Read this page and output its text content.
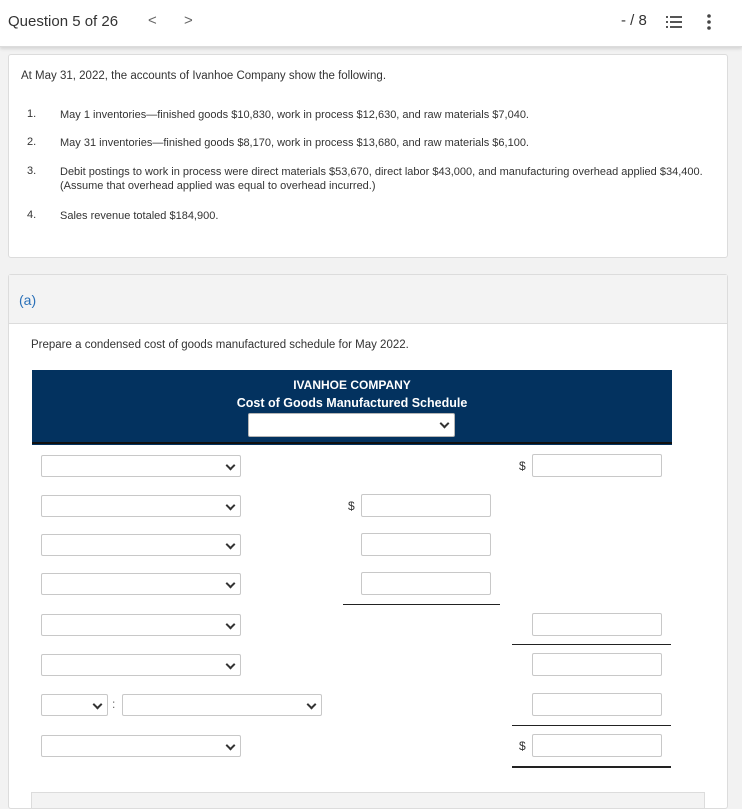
Question 5 of 26 < >	- / 8
At May 31, 2022, the accounts of Ivanhoe Company show the following.
1. May 1 inventories—finished goods $10,830, work in process $12,630, and raw materials $7,040.
2. May 31 inventories—finished goods $8,170, work in process $13,680, and raw materials $6,100.
3. Debit postings to work in process were direct materials $53,670, direct labor $43,000, and manufacturing overhead applied $34,400. (Assume that overhead applied was equal to overhead incurred.)
4. Sales revenue totaled $184,900.
(a)
Prepare a condensed cost of goods manufactured schedule for May 2022.
IVANHOE COMPANY
Cost of Goods Manufactured Schedule
$
$
:
$
